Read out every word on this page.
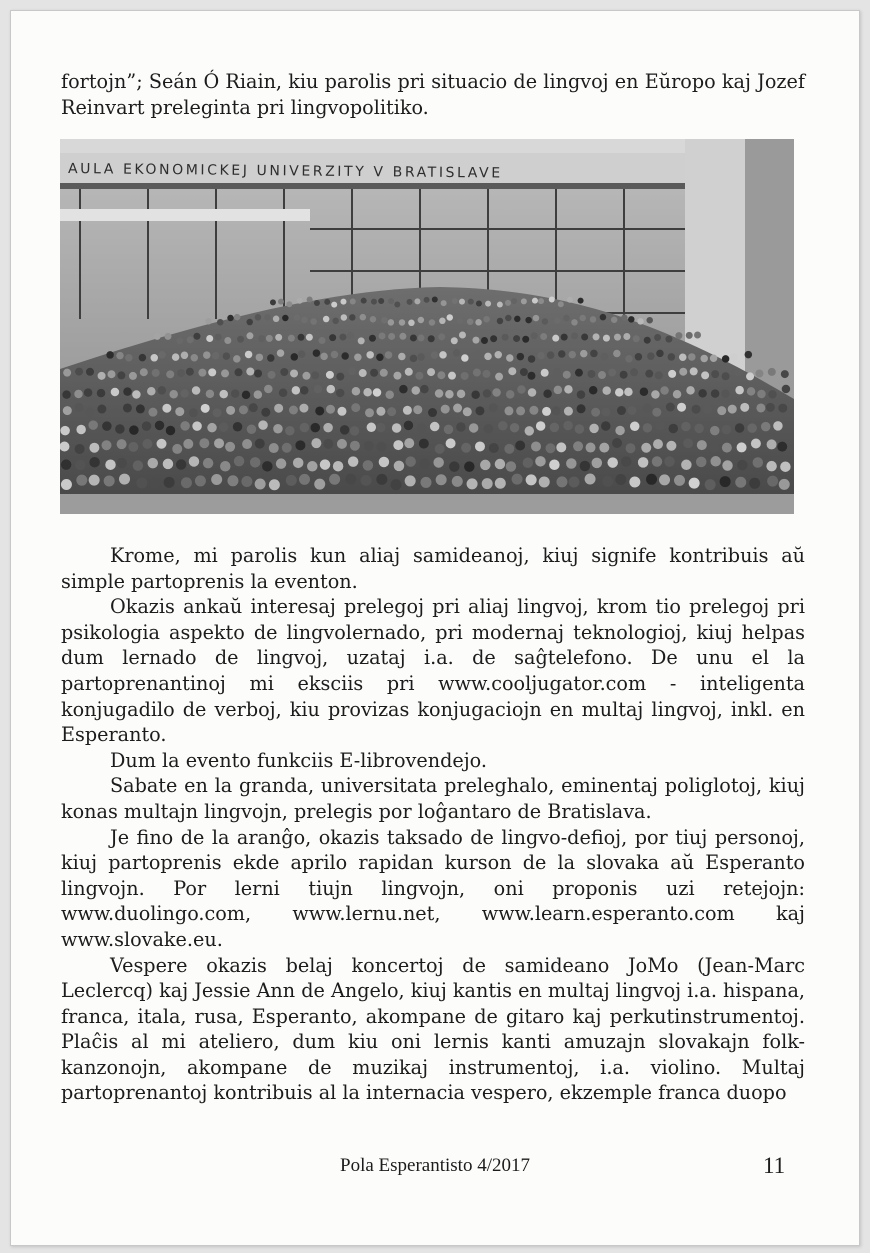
fortojn”; Seán Ó Riain, kiu parolis pri situacio de lingvoj en Eŭropo kaj Jozef Reinvart preleginta pri lingvopolitiko.

AULA EKONOMICKEJ UNIVERZITY V BRATISLAVE

Krome, mi parolis kun aliaj samideanoj, kiuj signife kontribuis aŭ simple partoprenis la eventon.

Okazis ankaŭ interesaj prelegoj pri aliaj lingvoj, krom tio prelegoj pri psikologia aspekto de lingvolernado, pri modernaj teknologioj, kiuj helpas dum lernado de lingvoj, uzataj i.a. de saĝtelefono. De unu el la partoprenantinoj mi eksciis pri www.cooljugator.com - inteligenta konjugadilo de verboj, kiu provizas konjugaciojn en multaj lingvoj, inkl. en Esperanto.

Dum la evento funkciis E-librovendejo.

Sabate en la granda, universitata preleghalo, eminentaj poliglotoj, kiuj konas multajn lingvojn, prelegis por loĝantaro de Bratislava.

Je fino de la aranĝo, okazis taksado de lingvo-defioj, por tiuj personoj, kiuj partoprenis ekde aprilo rapidan kurson de la slovaka aŭ Esperanto lingvojn. Por lerni tiujn lingvojn, oni proponis uzi retejojn: www.duolingo.com, www.lernu.net, www.learn.esperanto.com kaj www.slovake.eu.

Vespere okazis belaj koncertoj de samideano JoMo (Jean-Marc Leclercq) kaj Jessie Ann de Angelo, kiuj kantis en multaj lingvoj i.a. hispana, franca, itala, rusa, Esperanto, akompane de gitaro kaj perkutinstrumentoj. Plaĉis al mi ateliero, dum kiu oni lernis kanti amuzajn slovakajn folk-kanzonojn, akompane de muzikaj instrumentoj, i.a. violino. Multaj partoprenantoj kontribuis al la internacia vespero, ekzemple franca duopo

Pola Esperantisto 4/2017	11
